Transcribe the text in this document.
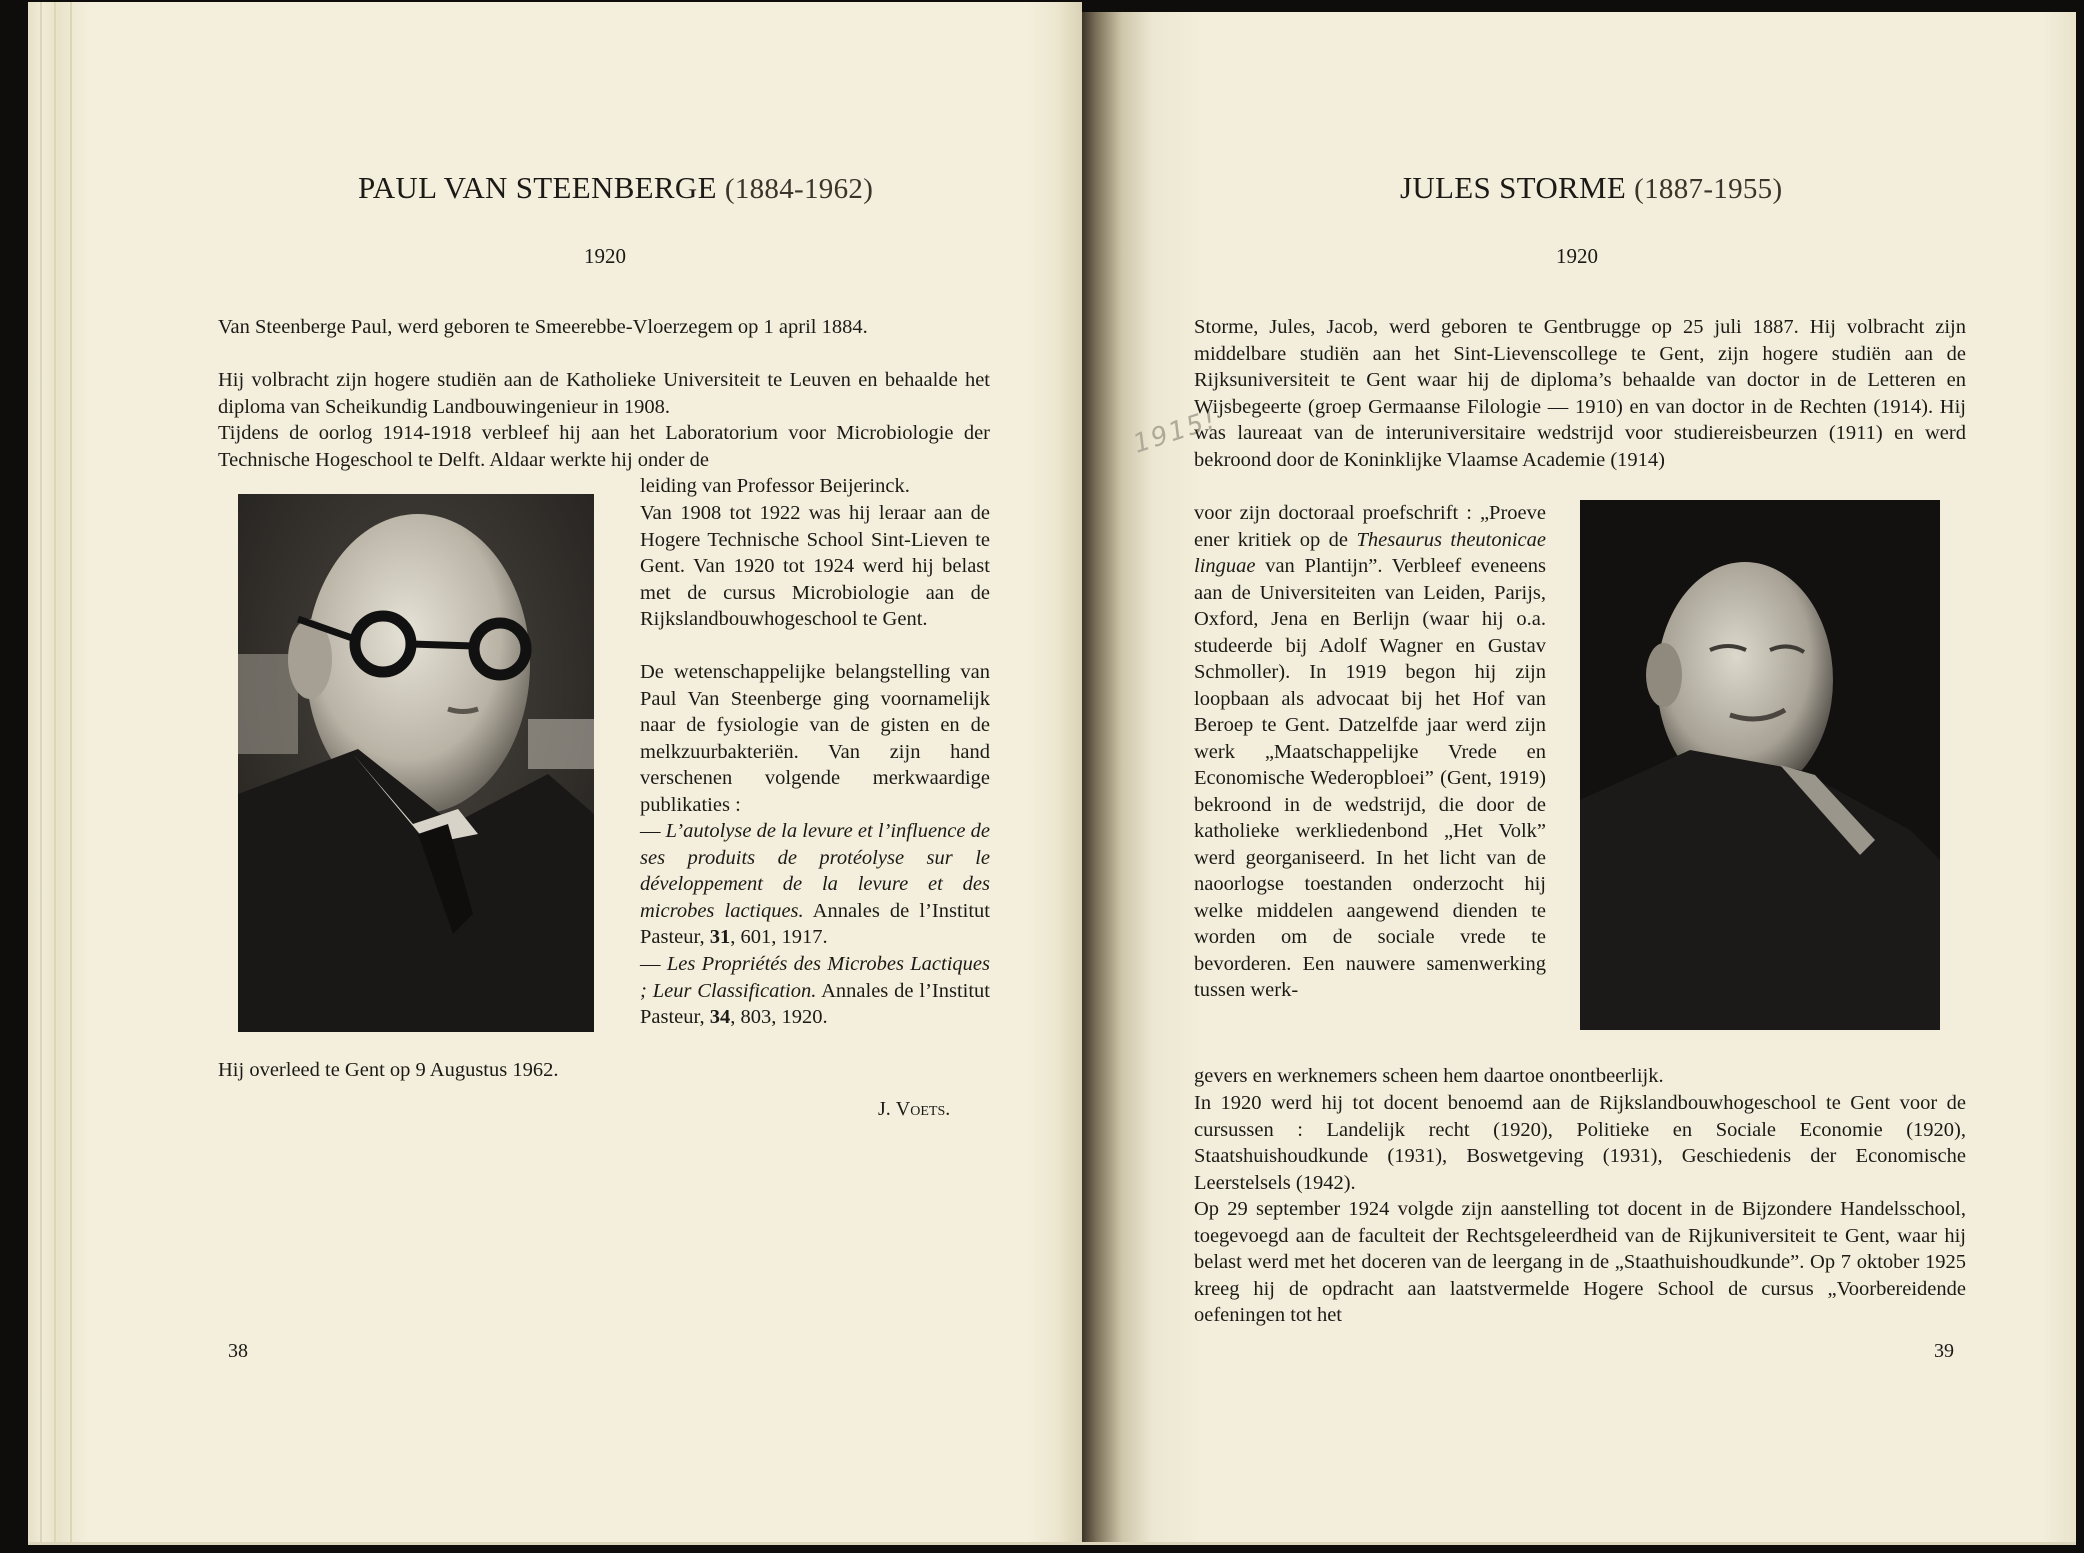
PAUL VAN STEENBERGE (1884-1962)
1920

Van Steenberge Paul, werd geboren te Smeerebbe-Vloerzegem op 1 april 1884.

Hij volbracht zijn hogere studiën aan de Katholieke Universiteit te Leuven en behaalde het diploma van Scheikundig Landbouwingenieur in 1908.

Tijdens de oorlog 1914-1918 verbleef hij aan het Laboratorium voor Microbiologie der Technische Hogeschool te Delft. Aldaar werkte hij onder de

leiding van Professor Beijerinck.

Van 1908 tot 1922 was hij leraar aan de Hogere Technische School Sint-Lieven te Gent. Van 1920 tot 1924 werd hij belast met de cursus Microbiologie aan de Rijkslandbouwhogeschool te Gent.

De wetenschappelijke belangstelling van Paul Van Steenberge ging voornamelijk naar de fysiologie van de gisten en de melkzuurbakteriën. Van zijn hand verschenen volgende merkwaardige publikaties :

— L’autolyse de la levure et l’influence de ses produits de protéolyse sur le développement de la levure et des microbes lactiques. Annales de l’Institut Pasteur, 31, 601, 1917.

— Les Propriétés des Microbes Lactiques ; Leur Classification. Annales de l’Institut Pasteur, 34, 803, 1920.

Hij overleed te Gent op 9 Augustus 1962.

J. Voets.
38
JULES STORME (1887-1955)
1920
1915!

Storme, Jules, Jacob, werd geboren te Gentbrugge op 25 juli 1887. Hij volbracht zijn middelbare studiën aan het Sint-Lievenscollege te Gent, zijn hogere studiën aan de Rijksuniversiteit te Gent waar hij de diploma’s behaalde van doctor in de Letteren en Wijsbegeerte (groep Germaanse Filologie — 1910) en van doctor in de Rechten (1914). Hij was laureaat van de interuniversitaire wedstrijd voor studiereisbeurzen (1911) en werd bekroond door de Koninklijke Vlaamse Academie (1914)

voor zijn doctoraal proefschrift : „Proeve ener kritiek op de Thesaurus theutonicae linguae van Plantijn”. Verbleef eveneens aan de Universiteiten van Leiden, Parijs, Oxford, Jena en Berlijn (waar hij o.a. studeerde bij Adolf Wagner en Gustav Schmoller). In 1919 begon hij zijn loopbaan als advocaat bij het Hof van Beroep te Gent. Datzelfde jaar werd zijn werk „Maatschappelijke Vrede en Economische Wederopbloei” (Gent, 1919) bekroond in de wedstrijd, die door de katholieke werkliedenbond „Het Volk” werd georganiseerd. In het licht van de naoorlogse toestanden onderzocht hij welke middelen aangewend dienden te worden om de sociale vrede te bevorderen. Een nauwere samenwerking tussen werk-

gevers en werknemers scheen hem daartoe onontbeerlijk.

In 1920 werd hij tot docent benoemd aan de Rijkslandbouwhogeschool te Gent voor de cursussen : Landelijk recht (1920), Politieke en Sociale Economie (1920), Staatshuishoudkunde (1931), Boswetgeving (1931), Geschiedenis der Economische Leerstelsels (1942).

Op 29 september 1924 volgde zijn aanstelling tot docent in de Bijzondere Handelsschool, toegevoegd aan de faculteit der Rechtsgeleerdheid van de Rijkuniversiteit te Gent, waar hij belast werd met het doceren van de leergang in de „Staathuishoudkunde”. Op 7 oktober 1925 kreeg hij de opdracht aan laatstvermelde Hogere School de cursus „Voorbereidende oefeningen tot het

39
